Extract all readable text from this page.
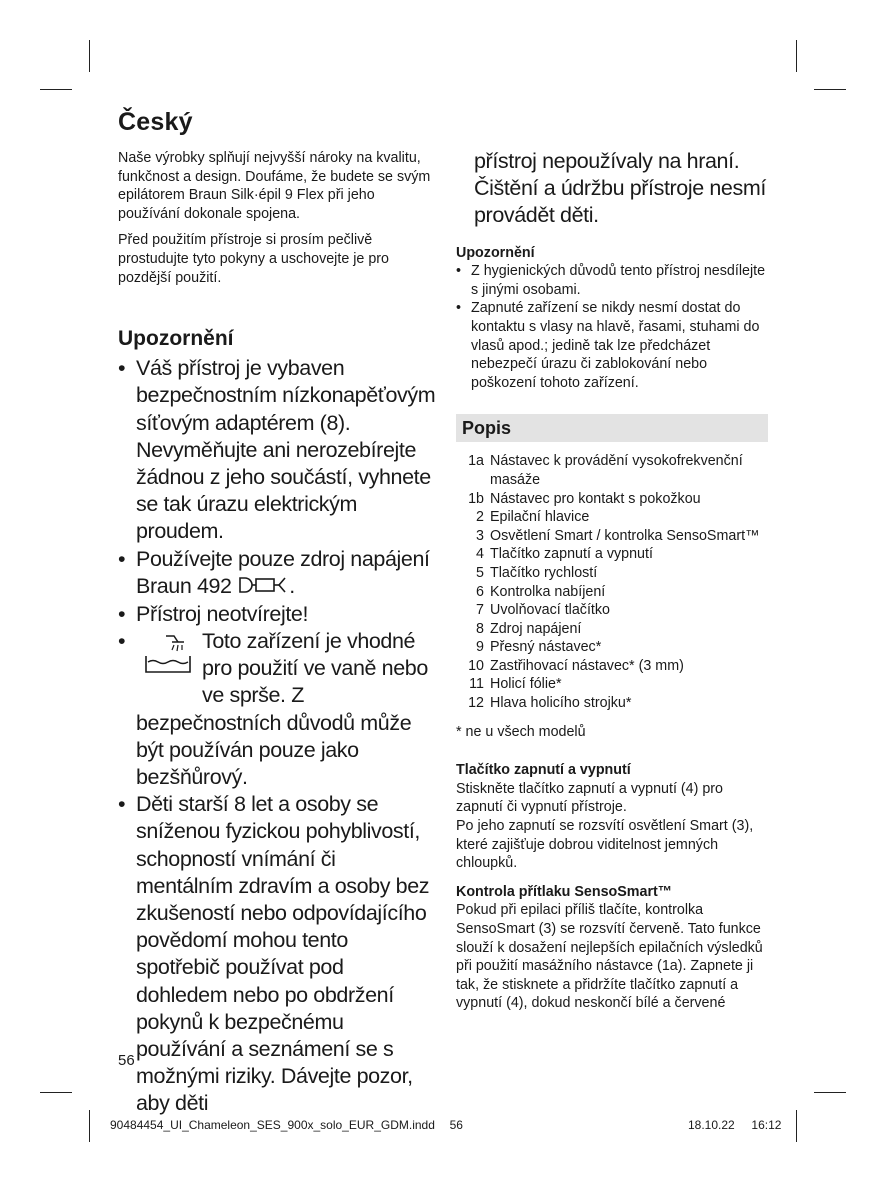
Český

Naše výrobky splňují nejvyšší nároky na kvalitu, funkčnost a design. Doufáme, že budete se svým epilátorem Braun Silk·épil 9 Flex při jeho používání dokonale spojena.

Před použitím přístroje si prosím pečlivě prostudujte tyto pokyny a uschovejte je pro pozdější použití.

Upozornění
• Váš přístroj je vybaven bezpečnostním nízkonapěťovým síťovým adaptérem (8). Nevyměňujte ani nerozebírejte žádnou z jeho součástí, vyhnete se tak úrazu elektrickým proudem.
• Používejte pouze zdroj napájení Braun 492	.
• Přístroj neotvírejte!
•	Toto zařízení je vhodné pro použití ve vaně nebo ve sprše. Z bezpečnostních důvodů může být používán pouze jako bezšňůrový.
• Děti starší 8 let a osoby se sníženou fyzickou pohyblivostí, schopností vnímání či mentálním zdravím a osoby bez zkušeností nebo odpovídajícího povědomí mohou tento spotřebič používat pod dohledem nebo po obdržení pokynů k bezpečnému používání a seznámení se s možnými riziky. Dávejte pozor, aby děti
56

přístroj nepoužívaly na hraní. Čištění a údržbu přístroje nesmí provádět děti.

Upozornění
• Z hygienických důvodů tento přístroj nesdílejte s jinými osobami.
• Zapnuté zařízení se nikdy nesmí dostat do kontaktu s vlasy na hlavě, řasami, stuhami do vlasů apod.; jedině tak lze předcházet nebezpečí úrazu či zablokování nebo poškození tohoto zařízení.
Popis
1a Nástavec k provádění vysokofrekvenční masáže
1b Nástavec pro kontakt s pokožkou
2 Epilační hlavice
3 Osvětlení Smart / kontrolka SensoSmart™
4 Tlačítko zapnutí a vypnutí
5 Tlačítko rychlostí
6 Kontrolka nabíjení
7 Uvolňovací tlačítko
8 Zdroj napájení
9 Přesný nástavec*
10 Zastřihovací nástavec* (3 mm)
11 Holicí fólie*
12 Hlava holicího strojku*

* ne u všech modelů

Tlačítko zapnutí a vypnutí

Stiskněte tlačítko zapnutí a vypnutí (4) pro zapnutí či vypnutí přístroje.

Po jeho zapnutí se rozsvítí osvětlení Smart (3), které zajišťuje dobrou viditelnost jemných chloupků.

Kontrola přítlaku SensoSmart™

Pokud při epilaci příliš tlačíte, kontrolka SensoSmart (3) se rozsvítí červeně. Tato funkce slouží k dosažení nejlepších epilačních výsledků při použití masážního nástavce (1a). Zapnete ji tak, že stisknete a přidržíte tlačítko zapnutí a vypnutí (4), dokud neskončí bílé a červené

90484454_UI_Chameleon_SES_900x_solo_EUR_GDM.indd 56	18.10.22 16:12
